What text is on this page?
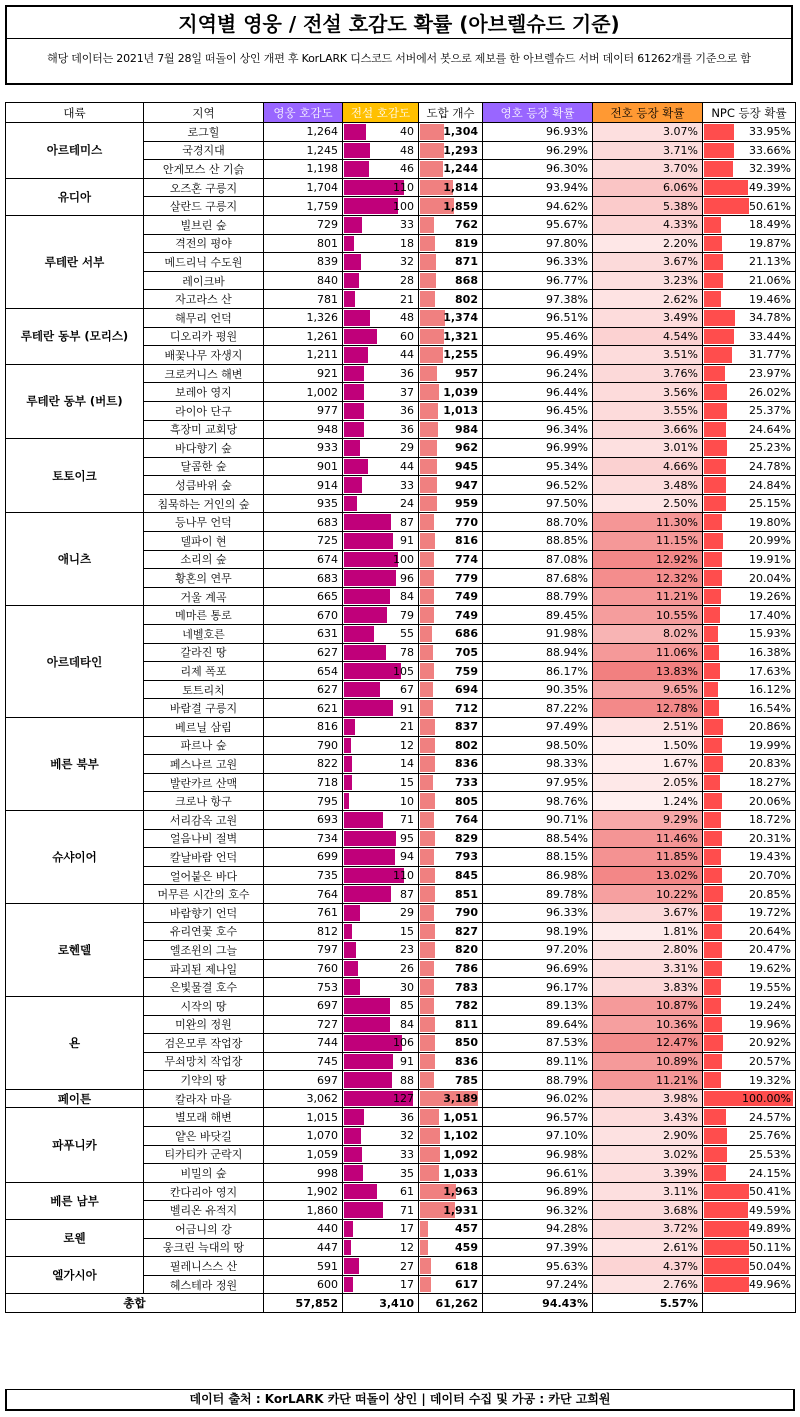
지역별 영웅 / 전설 호감도 확률 (아브렐슈드 기준)
해당 데이터는 2021년 7월 28일 떠돌이 상인 개편 후 KorLARK 디스코드 서버에서 봇으로 제보를 한 아브렐슈드 서버 데이터 61262개를 기준으로 함
대륙	지역	영웅 호감도	전설 호감도	도합 개수	영호 등장 확률	전호 등장 확률	NPC 등장 확률
아르테미스	로그힐	1,264	40	1,304	96.93%	3.07%	33.95%

	국경지대	1,245	48	1,293	96.29%	3.71%	33.66%

	안게모스 산 기슭	1,198	46	1,244	96.30%	3.70%	32.39%

유디아	오즈혼 구릉지	1,704	110	1,814	93.94%	6.06%	49.39%

	살란드 구릉지	1,759	100	1,859	94.62%	5.38%	50.61%

루테란 서부	빌브린 숲	729	33	762	95.67%	4.33%	18.49%

	격전의 평야	801	18	819	97.80%	2.20%	19.87%

	메드리닉 수도원	839	32	871	96.33%	3.67%	21.13%

	레이크바	840	28	868	96.77%	3.23%	21.06%

	자고라스 산	781	21	802	97.38%	2.62%	19.46%

루테란 동부 (모리스)	해무리 언덕	1,326	48	1,374	96.51%	3.49%	34.78%

	디오리카 평원	1,261	60	1,321	95.46%	4.54%	33.44%

	배꽃나무 자생지	1,211	44	1,255	96.49%	3.51%	31.77%

루테란 동부 (버트)	크로커니스 해변	921	36	957	96.24%	3.76%	23.97%

	보레아 영지	1,002	37	1,039	96.44%	3.56%	26.02%

	라이아 단구	977	36	1,013	96.45%	3.55%	25.37%

	흑장미 교회당	948	36	984	96.34%	3.66%	24.64%

토토이크	바다향기 숲	933	29	962	96.99%	3.01%	25.23%

	달콤한 숲	901	44	945	95.34%	4.66%	24.78%

	성큼바위 숲	914	33	947	96.52%	3.48%	24.84%

	침묵하는 거인의 숲	935	24	959	97.50%	2.50%	25.15%

애니츠	등나무 언덕	683	87	770	88.70%	11.30%	19.80%

	델파이 현	725	91	816	88.85%	11.15%	20.99%

	소리의 숲	674	100	774	87.08%	12.92%	19.91%

	황혼의 연무	683	96	779	87.68%	12.32%	20.04%

	거울 계곡	665	84	749	88.79%	11.21%	19.26%

아르데타인	메마른 통로	670	79	749	89.45%	10.55%	17.40%

	네벨호른	631	55	686	91.98%	8.02%	15.93%

	갈라진 땅	627	78	705	88.94%	11.06%	16.38%

	리제 폭포	654	105	759	86.17%	13.83%	17.63%

	토트리치	627	67	694	90.35%	9.65%	16.12%

	바람결 구릉지	621	91	712	87.22%	12.78%	16.54%

베른 북부	베르닐 삼림	816	21	837	97.49%	2.51%	20.86%

	파르나 숲	790	12	802	98.50%	1.50%	19.99%

	페스나르 고원	822	14	836	98.33%	1.67%	20.83%

	발란카르 산맥	718	15	733	97.95%	2.05%	18.27%

	크로나 항구	795	10	805	98.76%	1.24%	20.06%

슈샤이어	서리감옥 고원	693	71	764	90.71%	9.29%	18.72%

	얼음나비 절벽	734	95	829	88.54%	11.46%	20.31%

	칼날바람 언덕	699	94	793	88.15%	11.85%	19.43%

	얼어붙은 바다	735	110	845	86.98%	13.02%	20.70%

	머무른 시간의 호수	764	87	851	89.78%	10.22%	20.85%

로헨델	바람향기 언덕	761	29	790	96.33%	3.67%	19.72%

	유리연꽃 호수	812	15	827	98.19%	1.81%	20.64%

	엘조윈의 그늘	797	23	820	97.20%	2.80%	20.47%

	파괴된 제나일	760	26	786	96.69%	3.31%	19.62%

	은빛물결 호수	753	30	783	96.17%	3.83%	19.55%

욘	시작의 땅	697	85	782	89.13%	10.87%	19.24%

	미완의 정원	727	84	811	89.64%	10.36%	19.96%

	검은모루 작업장	744	106	850	87.53%	12.47%	20.92%

	무쇠망치 작업장	745	91	836	89.11%	10.89%	20.57%

	기약의 땅	697	88	785	88.79%	11.21%	19.32%

페이튼	칼라자 마을	3,062	127	3,189	96.02%	3.98%	100.00%

파푸니카	별모래 해변	1,015	36	1,051	96.57%	3.43%	24.57%

	얕은 바닷길	1,070	32	1,102	97.10%	2.90%	25.76%

	티카티카 군락지	1,059	33	1,092	96.98%	3.02%	25.53%

	비밀의 숲	998	35	1,033	96.61%	3.39%	24.15%

베른 남부	칸다리아 영지	1,902	61	1,963	96.89%	3.11%	50.41%

	벨리온 유적지	1,860	71	1,931	96.32%	3.68%	49.59%

로웬	어금니의 강	440	17	457	94.28%	3.72%	49.89%

	웅크린 늑대의 땅	447	12	459	97.39%	2.61%	50.11%

엘가시아	필레니스스 산	591	27	618	95.63%	4.37%	50.04%

	헤스테라 정원	600	17	617	97.24%	2.76%	49.96%

총합		57,852	3,410	61,262	94.43%	5.57%	
데이터 출처 : KorLARK 카단 떠돌이 상인 | 데이터 수집 및 가공 : 카단 고희원
